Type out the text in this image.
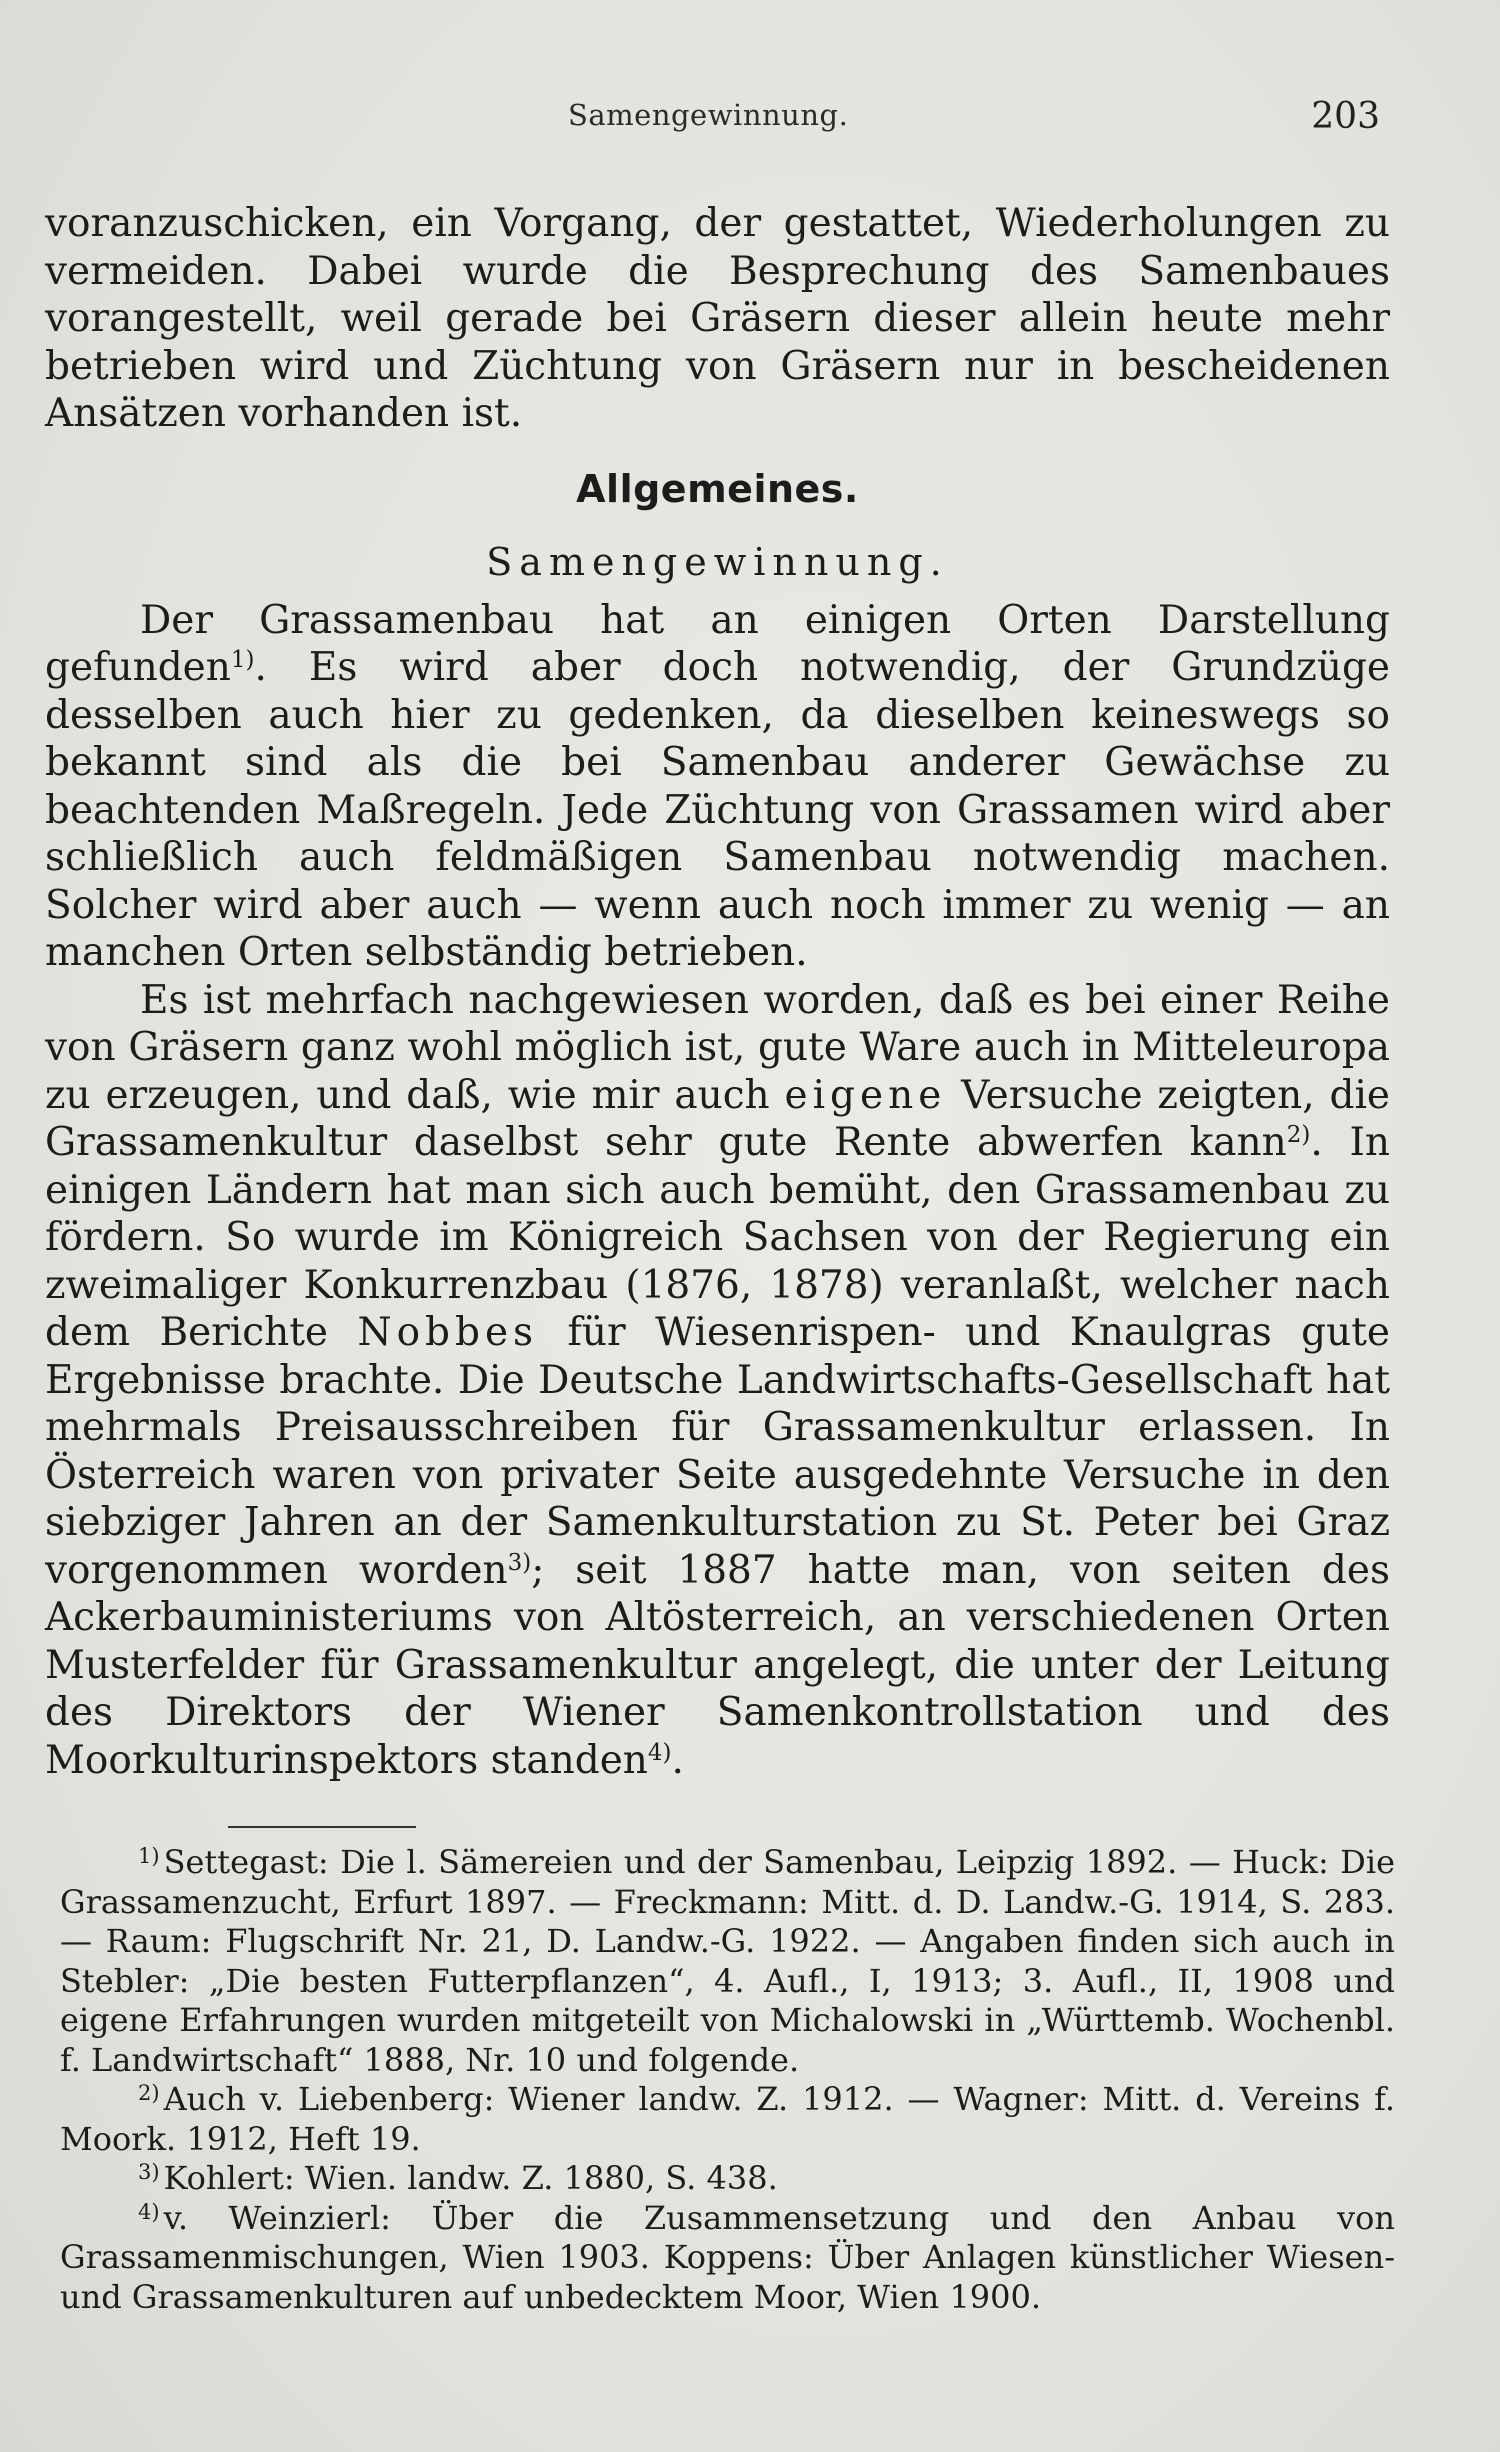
Samengewinnung.	203

voranzuschicken, ein Vorgang, der gestattet, Wiederholungen zu vermeiden. Dabei wurde die Besprechung des Samenbaues vorangestellt, weil gerade bei Gräsern dieser allein heute mehr betrieben wird und Züchtung von Gräsern nur in bescheidenen Ansätzen vorhanden ist.

Allgemeines.

Samengewinnung.

Der Grassamenbau hat an einigen Orten Darstellung gefunden$^{1)}$. Es wird aber doch notwendig, der Grundzüge desselben auch hier zu gedenken, da dieselben keineswegs so bekannt sind als die bei Samenbau anderer Gewächse zu beachtenden Maßregeln. Jede Züchtung von Grassamen wird aber schließlich auch feldmäßigen Samenbau notwendig machen. Solcher wird aber auch — wenn auch noch immer zu wenig — an manchen Orten selbständig betrieben.

Es ist mehrfach nachgewiesen worden, daß es bei einer Reihe von Gräsern ganz wohl möglich ist, gute Ware auch in Mitteleuropa zu erzeugen, und daß, wie mir auch eigene Versuche zeigten, die Grassamenkultur daselbst sehr gute Rente abwerfen kann$^{2)}$. In einigen Ländern hat man sich auch bemüht, den Grassamenbau zu fördern. So wurde im Königreich Sachsen von der Regierung ein zweimaliger Konkurrenzbau (1876, 1878) veranlaßt, welcher nach dem Berichte Nobbes für Wiesenrispen- und Knaulgras gute Ergebnisse brachte. Die Deutsche Landwirtschafts-Gesellschaft hat mehrmals Preisausschreiben für Grassamenkultur erlassen. In Österreich waren von privater Seite ausgedehnte Versuche in den siebziger Jahren an der Samenkulturstation zu St. Peter bei Graz vorgenommen worden$^{3)}$; seit 1887 hatte man, von seiten des Ackerbauministeriums von Altösterreich, an verschiedenen Orten Musterfelder für Grassamenkultur angelegt, die unter der Leitung des Direktors der Wiener Samenkontrollstation und des Moorkulturinspektors standen$^{4)}$.

$^{1)}$ Settegast: Die l. Sämereien und der Samenbau, Leipzig 1892. — Huck: Die Grassamenzucht, Erfurt 1897. — Freckmann: Mitt. d. D. Landw.-G. 1914, S. 283. — Raum: Flugschrift Nr. 21, D. Landw.-G. 1922. — Angaben finden sich auch in Stebler: „Die besten Futterpflanzen“, 4. Aufl., I, 1913; 3. Aufl., II, 1908 und eigene Erfahrungen wurden mitgeteilt von Michalowski in „Württemb. Wochenbl. f. Landwirtschaft“ 1888, Nr. 10 und folgende.

$^{2)}$ Auch v. Liebenberg: Wiener landw. Z. 1912. — Wagner: Mitt. d. Vereins f. Moork. 1912, Heft 19.

$^{3)}$ Kohlert: Wien. landw. Z. 1880, S. 438.

$^{4)}$ v. Weinzierl: Über die Zusammensetzung und den Anbau von Grassamenmischungen, Wien 1903. Koppens: Über Anlagen künstlicher Wiesen- und Grassamenkulturen auf unbedecktem Moor, Wien 1900.
